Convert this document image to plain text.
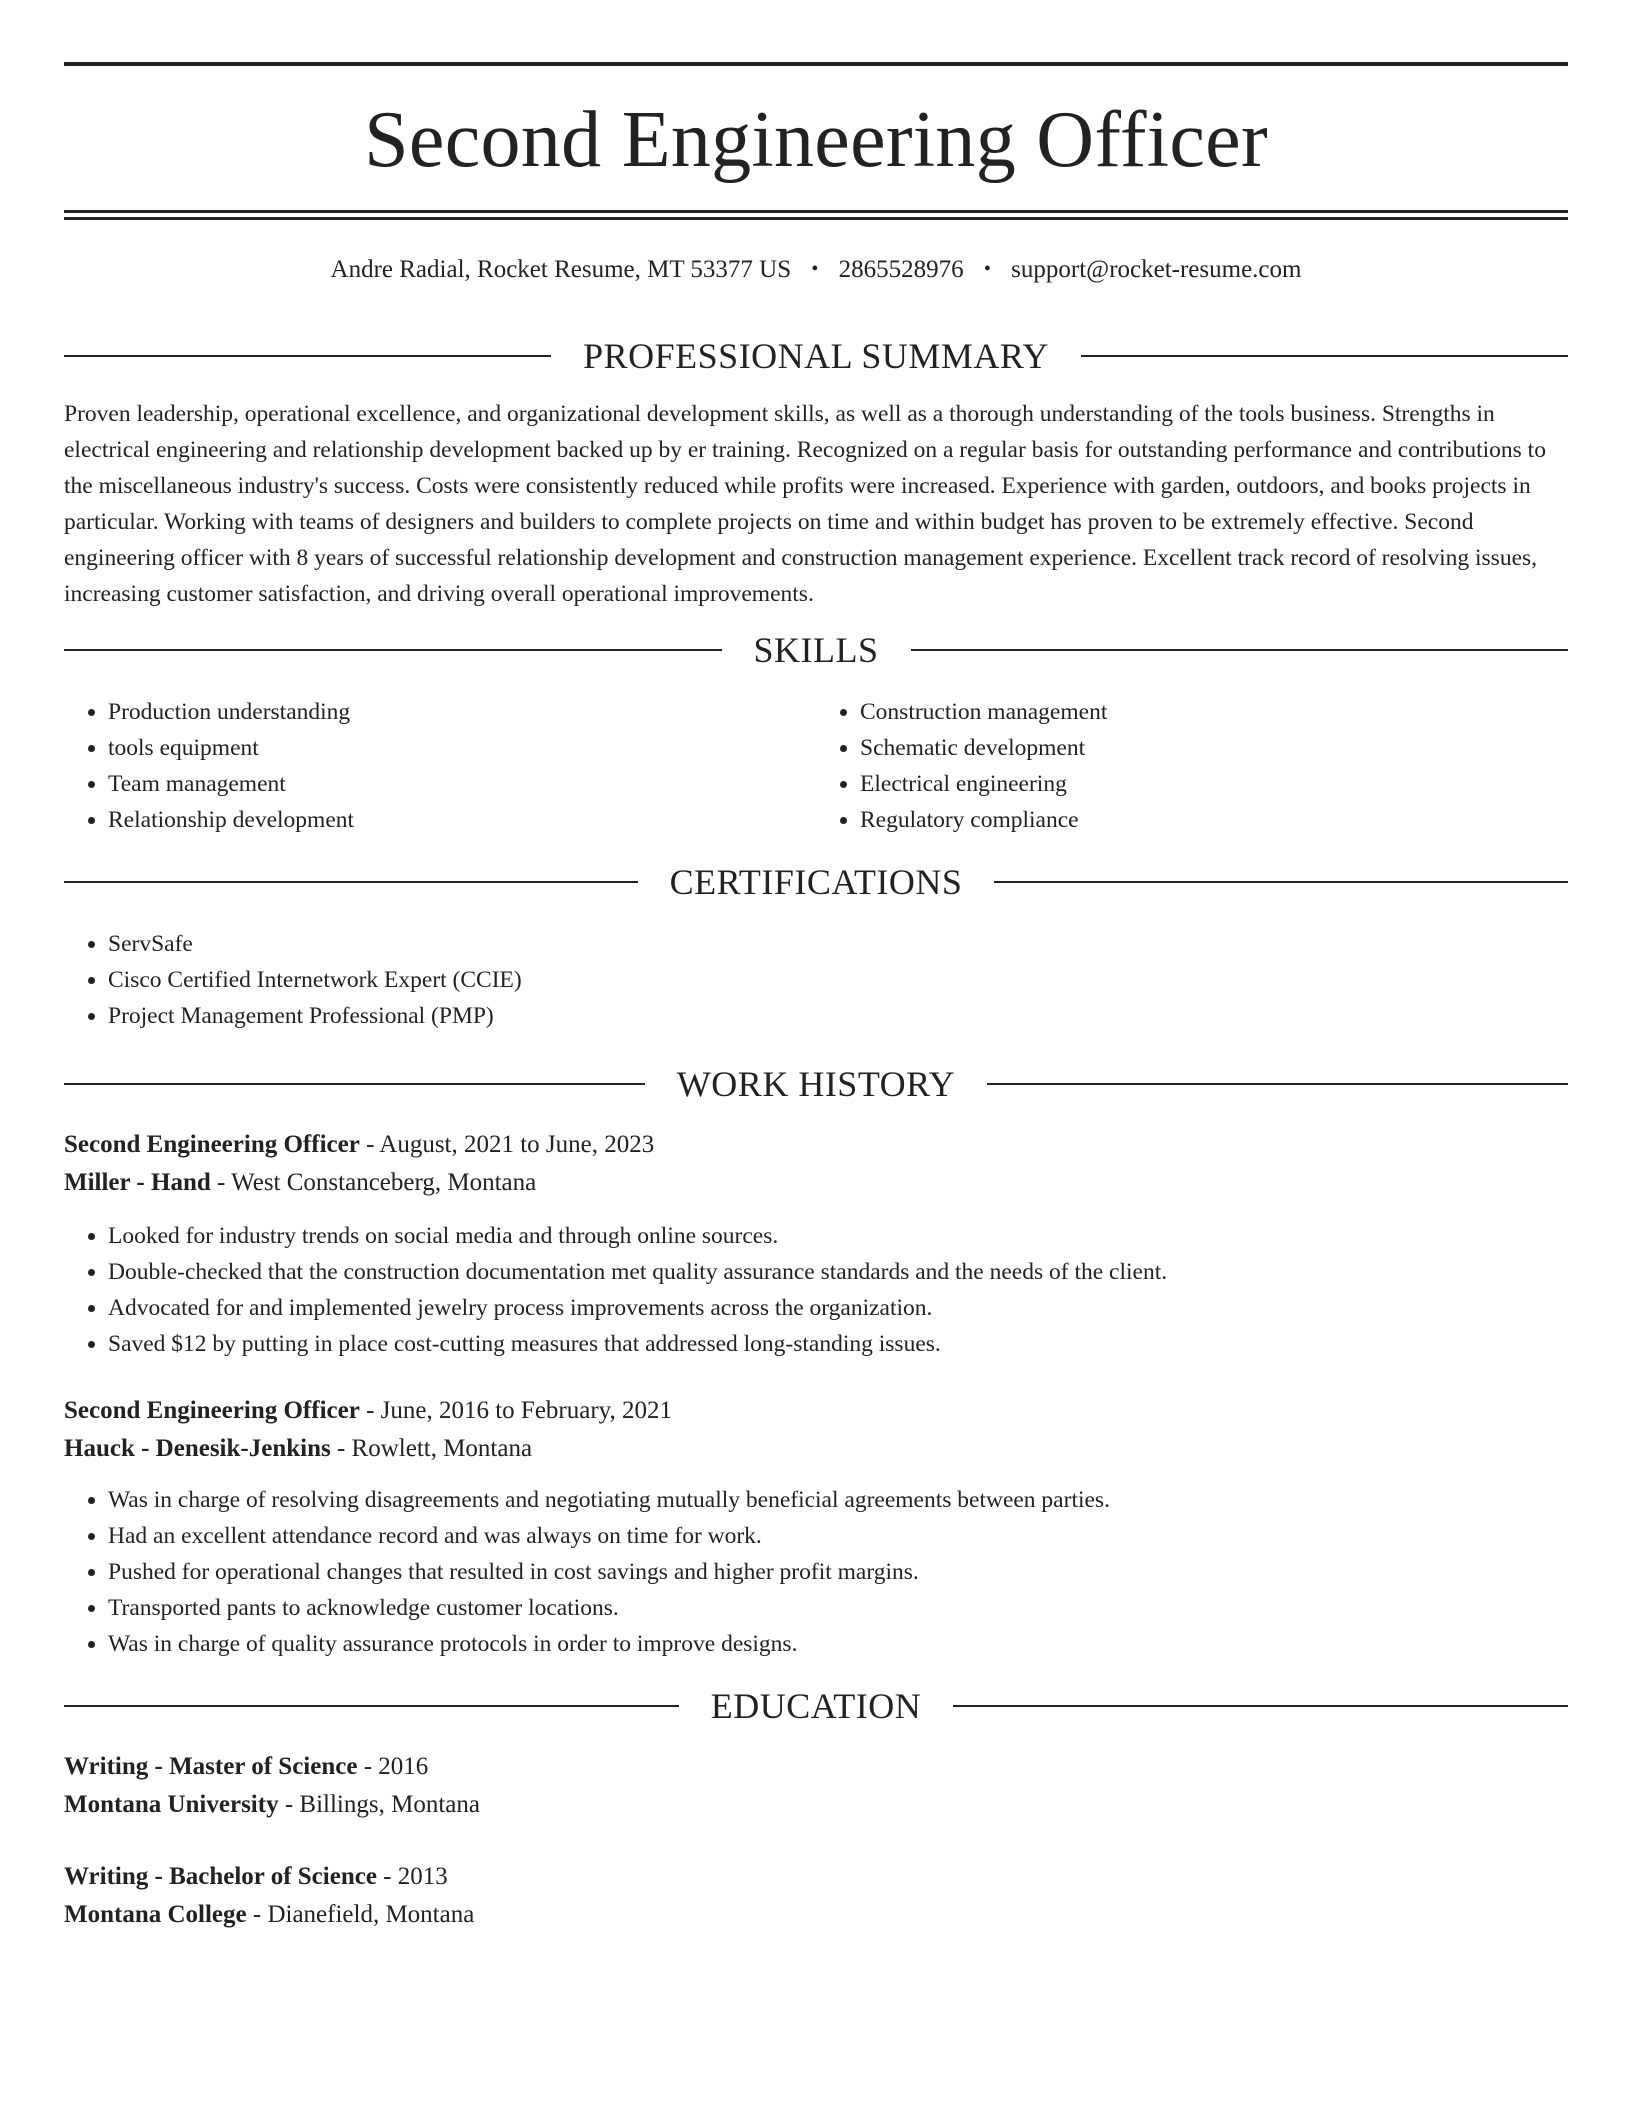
Second Engineering Officer
Andre Radial, Rocket Resume, MT 53377 US • 2865528976 • support@rocket-resume.com
PROFESSIONAL SUMMARY

Proven leadership, operational excellence, and organizational development skills, as well as a thorough understanding of the tools business. Strengths in electrical engineering and relationship development backed up by er training. Recognized on a regular basis for outstanding performance and contributions to the miscellaneous industry's success. Costs were consistently reduced while profits were increased. Experience with garden, outdoors, and books projects in particular. Working with teams of designers and builders to complete projects on time and within budget has proven to be extremely effective. Second engineering officer with 8 years of successful relationship development and construction management experience. Excellent track record of resolving issues, increasing customer satisfaction, and driving overall operational improvements.

SKILLS
• Production understanding
• tools equipment
• Team management
• Relationship development
• Construction management
• Schematic development
• Electrical engineering
• Regulatory compliance
CERTIFICATIONS
• ServSafe
• Cisco Certified Internetwork Expert (CCIE)
• Project Management Professional (PMP)
WORK HISTORY
Second Engineering Officer - August, 2021 to June, 2023
Miller - Hand - West Constanceberg, Montana
• Looked for industry trends on social media and through online sources.
• Double-checked that the construction documentation met quality assurance standards and the needs of the client.
• Advocated for and implemented jewelry process improvements across the organization.
• Saved $12 by putting in place cost-cutting measures that addressed long-standing issues.
Second Engineering Officer - June, 2016 to February, 2021
Hauck - Denesik-Jenkins - Rowlett, Montana
• Was in charge of resolving disagreements and negotiating mutually beneficial agreements between parties.
• Had an excellent attendance record and was always on time for work.
• Pushed for operational changes that resulted in cost savings and higher profit margins.
• Transported pants to acknowledge customer locations.
• Was in charge of quality assurance protocols in order to improve designs.
EDUCATION
Writing - Master of Science - 2016
Montana University - Billings, Montana
Writing - Bachelor of Science - 2013
Montana College - Dianefield, Montana
